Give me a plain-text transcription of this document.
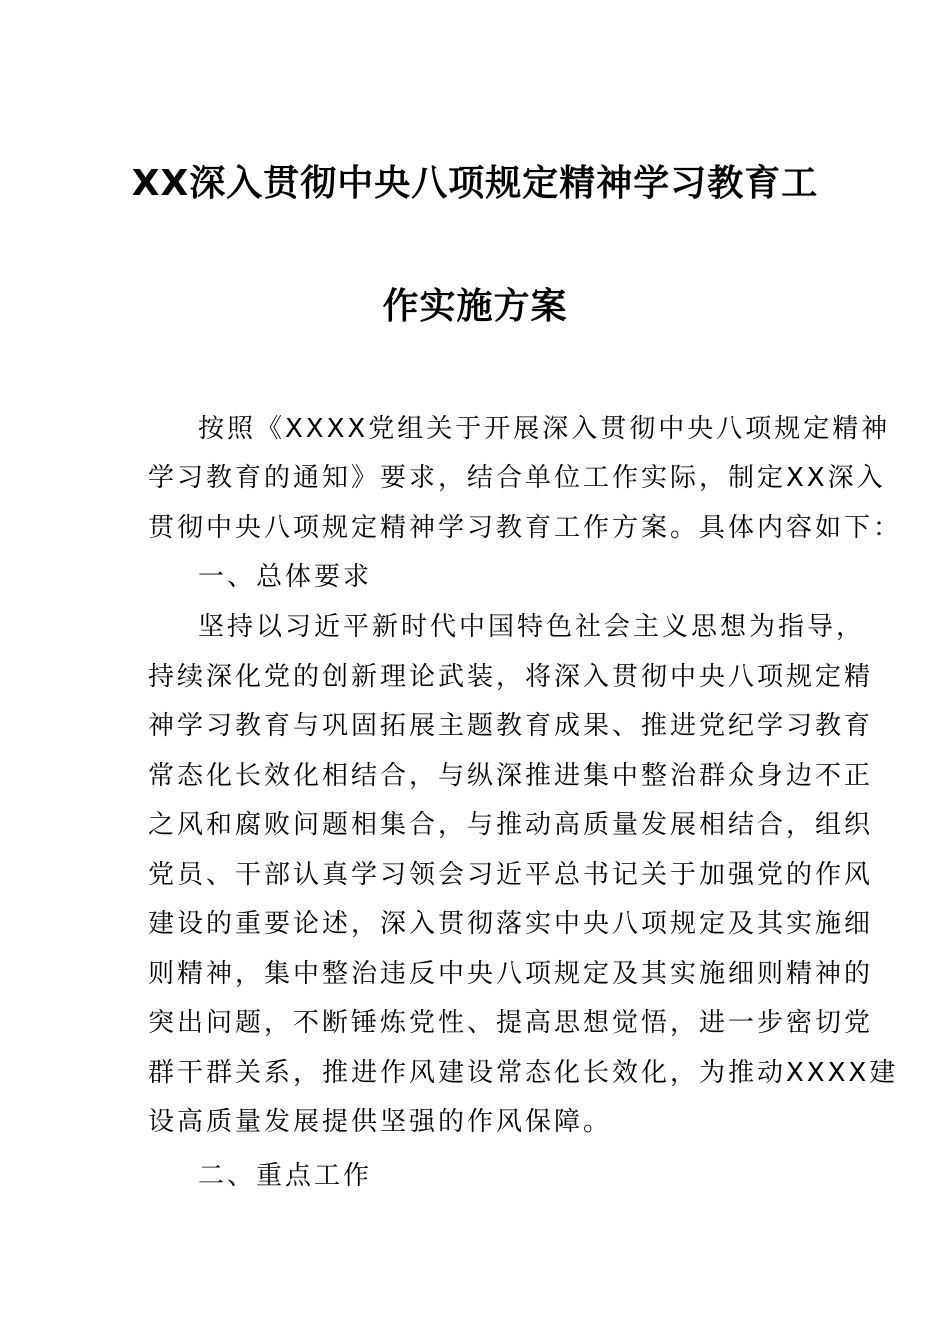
XX深入贯彻中央八项规定精神学习教育工
作实施方案
按照《XXXX党组关于开展深入贯彻中央八项规定精神
学习教育的通知》要求，结合单位工作实际，制定XX深入
贯彻中央八项规定精神学习教育工作方案。具体内容如下：
一、总体要求
坚持以习近平新时代中国特色社会主义思想为指导，
持续深化党的创新理论武装，将深入贯彻中央八项规定精
神学习教育与巩固拓展主题教育成果、推进党纪学习教育
常态化长效化相结合，与纵深推进集中整治群众身边不正
之风和腐败问题相集合，与推动高质量发展相结合，组织
党员、干部认真学习领会习近平总书记关于加强党的作风
建设的重要论述，深入贯彻落实中央八项规定及其实施细
则精神，集中整治违反中央八项规定及其实施细则精神的
突出问题，不断锤炼党性、提高思想觉悟，进一步密切党
群干群关系，推进作风建设常态化长效化，为推动XXXX建
设高质量发展提供坚强的作风保障。
二、重点工作
